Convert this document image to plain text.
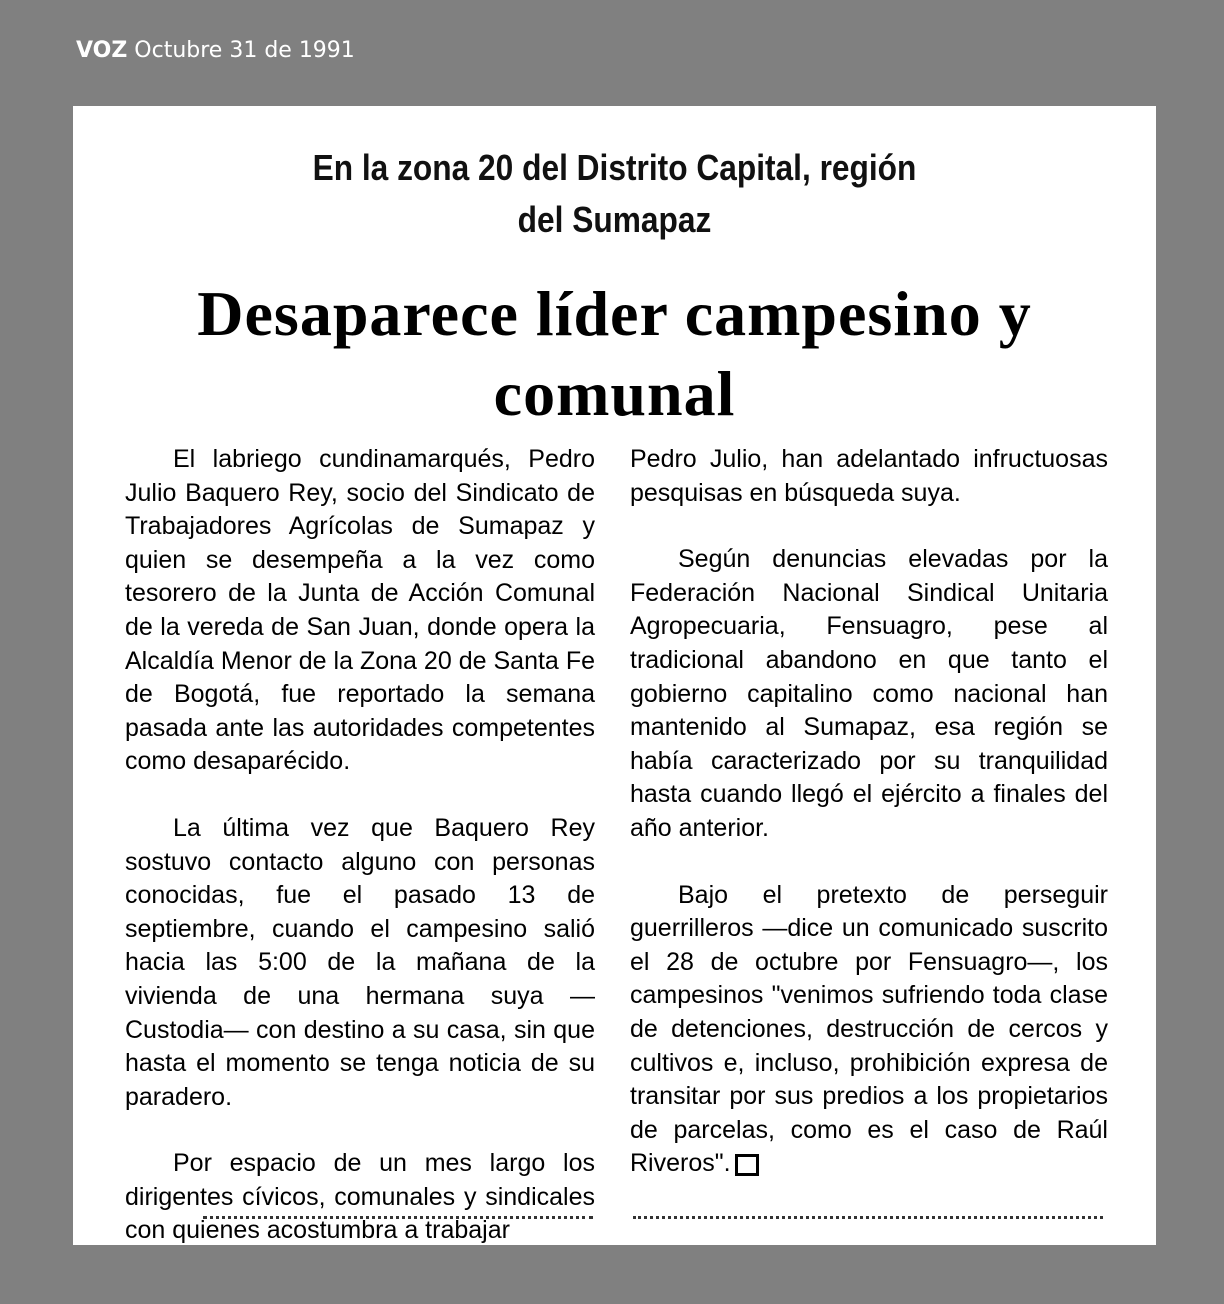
VOZ Octubre 31 de 1991
En la zona 20 del Distrito Capital, región
del Sumapaz
Desaparece líder campesino y
comunal

El labriego cundinamarqués, Pedro Julio Baquero Rey, socio del Sindicato de Trabajadores Agrícolas de Sumapaz y quien se desempeña a la vez como tesorero de la Junta de Acción Comunal de la vereda de San Juan, donde opera la Alcaldía Menor de la Zona 20 de Santa Fe de Bogotá, fue reportado la semana pasada ante las autoridades competentes como desaparécido.

La última vez que Baquero Rey sostuvo contacto alguno con personas conocidas, fue el pasado 13 de septiembre, cuando el campesino salió hacia las 5:00 de la mañana de la vivienda de una hermana suya —Custodia— con destino a su casa, sin que hasta el momento se tenga noticia de su paradero.

Por espacio de un mes largo los dirigentes cívicos, comunales y sindicales con quienes acostumbra a trabajar

Pedro Julio, han adelantado infructuosas pesquisas en búsqueda suya.

Según denuncias elevadas por la Federación Nacional Sindical Unitaria Agropecuaria, Fensuagro, pese al tradicional abandono en que tanto el gobierno capitalino como nacional han mantenido al Sumapaz, esa región se había caracterizado por su tranquilidad hasta cuando llegó el ejército a finales del año anterior.

Bajo el pretexto de perseguir guerrilleros —dice un comunicado suscrito el 28 de octubre por Fensuagro—, los campesinos "venimos sufriendo toda clase de detenciones, destrucción de cercos y cultivos e, incluso, prohibición expresa de transitar por sus predios a los propietarios de parcelas, como es el caso de Raúl Riveros".
